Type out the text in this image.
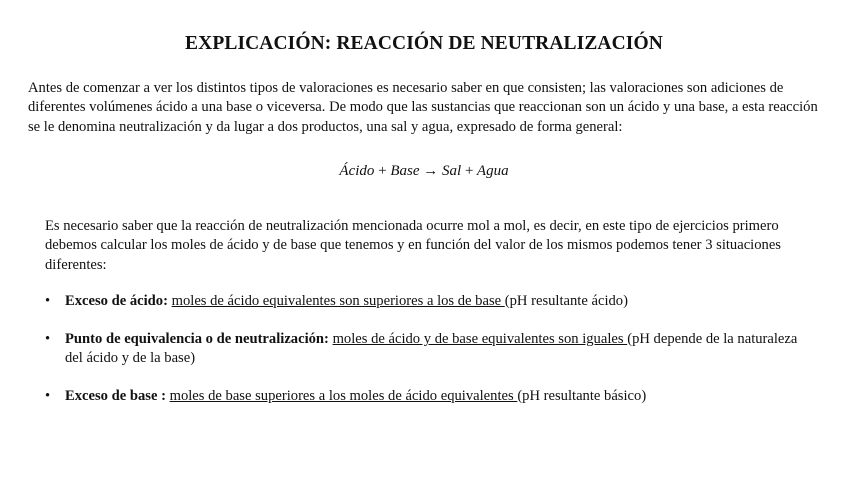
EXPLICACIÓN: REACCIÓN DE NEUTRALIZACIÓN
Antes de comenzar a ver los distintos tipos de valoraciones es necesario saber en que consisten; las valoraciones son adiciones de diferentes volúmenes ácido a una base o viceversa. De modo que las sustancias que reaccionan son un ácido y una base, a esta reacción se le denomina neutralización y da lugar a dos productos, una sal y agua, expresado de forma general:
Ácido + Base → Sal + Agua
Es necesario saber que la reacción de neutralización mencionada ocurre mol a mol, es decir, en este tipo de ejercicios primero debemos calcular los moles de ácido y de base que tenemos y en función del valor de los mismos podemos tener 3 situaciones diferentes:
• Exceso de ácido: moles de ácido equivalentes son superiores a los de base (pH resultante ácido)
• Punto de equivalencia o de neutralización: moles de ácido y de base equivalentes son iguales (pH depende de la naturaleza del ácido y de la base)
• Exceso de base : moles de base superiores a los moles de ácido equivalentes (pH resultante básico)
